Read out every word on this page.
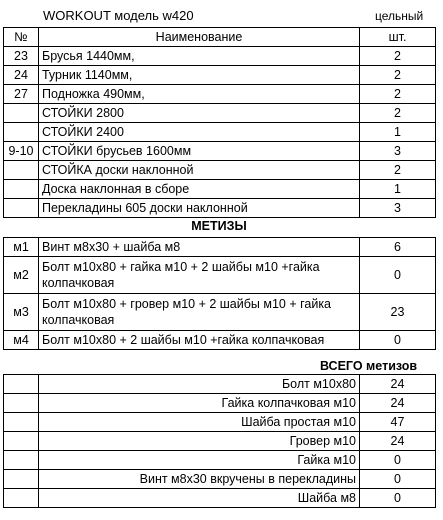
WORKOUT модель w420	цельный
№	Наименование	шт.
23	Брусья 1440мм,	2
24	Турник 1140мм,	2
27	Подножка 490мм,	2
	СТОЙКИ 2800	2
	СТОЙКИ 2400	1
9-10	СТОЙКИ брусьев 1600мм	3
	СТОЙКА доски наклонной	2
	Доска наклонная в сборе	1
	Перекладины 605 доски наклонной	3
МЕТИЗЫ
м1	Винт м8х30 + шайба м8	6
м2	Болт м10х80 + гайка м10 + 2 шайбы м10 +гайка колпачковая	0
м3	Болт м10х80 + гровер м10 + 2 шайбы м10 + гайка колпачковая	23
м4	Болт м10х80 + 2 шайбы м10 +гайка колпачковая	0
ВСЕГО метизов
	Болт м10х80	24
	Гайка колпачковая м10	24
	Шайба простая м10	47
	Гровер м10	24
	Гайка м10	0
	Винт м8х30 вкручены в перекладины	0
	Шайба м8	0
